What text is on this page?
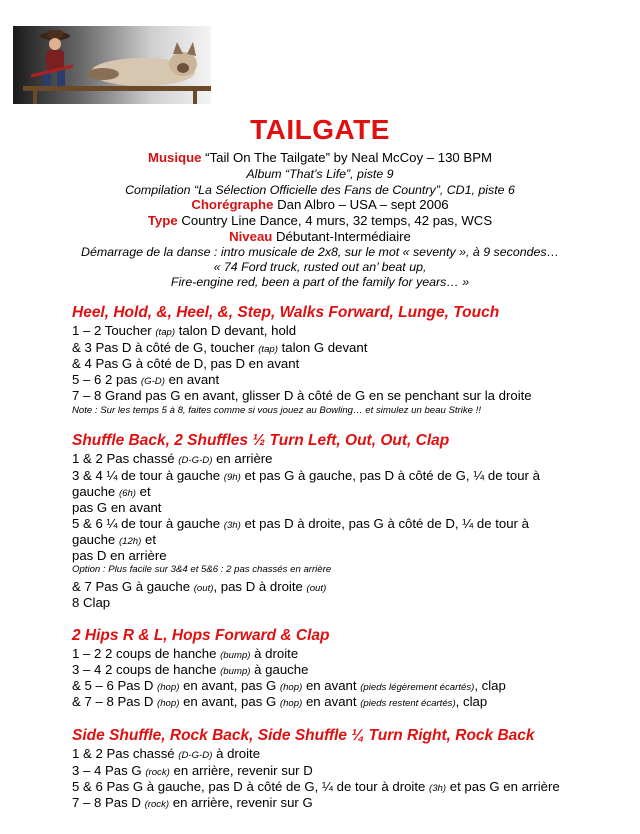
TAILGATE
Musique “Tail On The Tailgate” by Neal McCoy – 130 BPM
Album “That’s Life”, piste 9
Compilation “La Sélection Officielle des Fans de Country”, CD1, piste 6
Chorégraphe Dan Albro – USA – sept 2006
Type Country Line Dance, 4 murs, 32 temps, 42 pas, WCS
Niveau Débutant-Intermédiaire
Démarrage de la danse : intro musicale de 2x8, sur le mot « seventy », à 9 secondes…
« 74 Ford truck, rusted out an’ beat up,
Fire-engine red, been a part of the family for years… »
Heel, Hold, &, Heel, &, Step, Walks Forward, Lunge, Touch
1 – 2 Toucher (tap) talon D devant, hold
& 3 Pas D à côté de G, toucher (tap) talon G devant
& 4 Pas G à côté de D, pas D en avant
5 – 6 2 pas (G-D) en avant
7 – 8 Grand pas G en avant, glisser D à côté de G en se penchant sur la droite
Note : Sur les temps 5 à 8, faites comme si vous jouez au Bowling… et simulez un beau Strike !!
Shuffle Back, 2 Shuffles ½ Turn Left, Out, Out, Clap
1 & 2 Pas chassé (D-G-D) en arrière
3 & 4 ¼ de tour à gauche (9h) et pas G à gauche, pas D à côté de G, ¼ de tour à
gauche (6h) et
pas G en avant
5 & 6 ¼ de tour à gauche (3h) et pas D à droite, pas G à côté de D, ¼ de tour à
gauche (12h) et
pas D en arrière
Option : Plus facile sur 3&4 et 5&6 : 2 pas chassés en arrière
& 7 Pas G à gauche (out), pas D à droite (out)
8 Clap
2 Hips R & L, Hops Forward & Clap
1 – 2 2 coups de hanche (bump) à droite
3 – 4 2 coups de hanche (bump) à gauche
& 5 – 6 Pas D (hop) en avant, pas G (hop) en avant (pieds légèrement écartés), clap
& 7 – 8 Pas D (hop) en avant, pas G (hop) en avant (pieds restent écartés), clap
Side Shuffle, Rock Back, Side Shuffle ¼ Turn Right, Rock Back
1 & 2 Pas chassé (D-G-D) à droite
3 – 4 Pas G (rock) en arrière, revenir sur D
5 & 6 Pas G à gauche, pas D à côté de G, ¼ de tour à droite (3h) et pas G en arrière
7 – 8 Pas D (rock) en arrière, revenir sur G
